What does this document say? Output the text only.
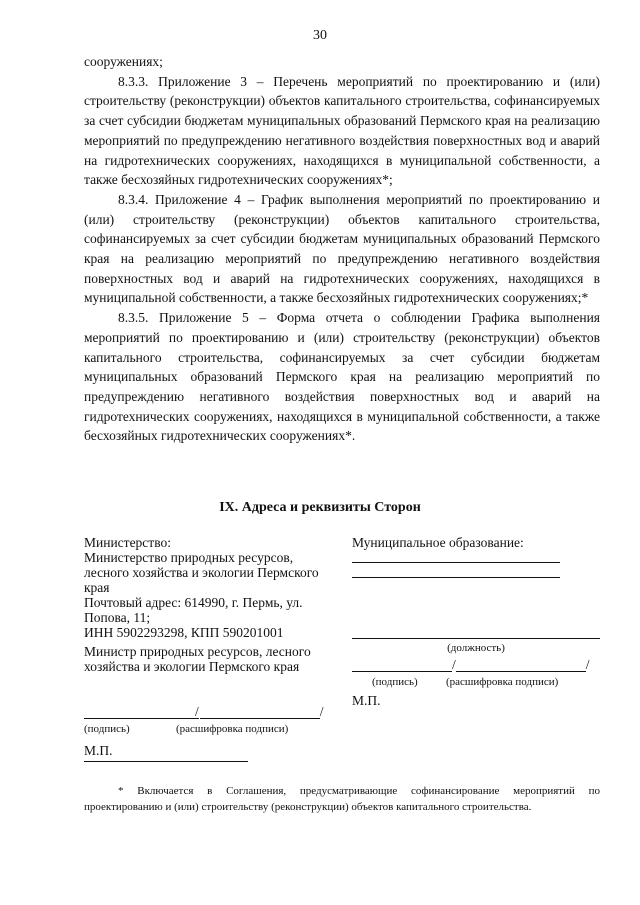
30

сооружениях;

8.3.3. Приложение 3 – Перечень мероприятий по проектированию и (или) строительству (реконструкции) объектов капитального строительства, софинансируемых за счет субсидии бюджетам муниципальных образований Пермского края на реализацию мероприятий по предупреждению негативного воздействия поверхностных вод и аварий на гидротехнических сооружениях, находящихся в муниципальной собственности, а также бесхозяйных гидротехнических сооружениях*;

8.3.4. Приложение 4 – График выполнения мероприятий по проектированию и (или) строительству (реконструкции) объектов капитального строительства, софинансируемых за счет субсидии бюджетам муниципальных образований Пермского края на реализацию мероприятий по предупреждению негативного воздействия поверхностных вод и аварий на гидротехнических сооружениях, находящихся в муниципальной собственности, а также бесхозяйных гидротехнических сооружениях;*

8.3.5. Приложение 5 – Форма отчета о соблюдении Графика выполнения мероприятий по проектированию и (или) строительству (реконструкции) объектов капитального строительства, софинансируемых за счет субсидии бюджетам муниципальных образований Пермского края на реализацию мероприятий по предупреждению негативного воздействия поверхностных вод и аварий на гидротехнических сооружениях, находящихся в муниципальной собственности, а также бесхозяйных гидротехнических сооружениях*.

IX. Адреса и реквизиты Сторон
Министерство:
Министерство природных ресурсов, лесного хозяйства и экологии Пермского края
Почтовый адрес: 614990, г. Пермь, ул. Попова, 11;
ИНН 5902293298, КПП 590201001
Министр природных ресурсов, лесного хозяйства и экологии Пермского края
/	/
(подпись)	(расшифровка подписи)
М.П.
Муниципальное образование:
(должность)
/	/
(подпись)	(расшифровка подписи)
М.П.

* Включается в Соглашения, предусматривающие софинансирование мероприятий по проектированию и (или) строительству (реконструкции) объектов капитального строительства.
